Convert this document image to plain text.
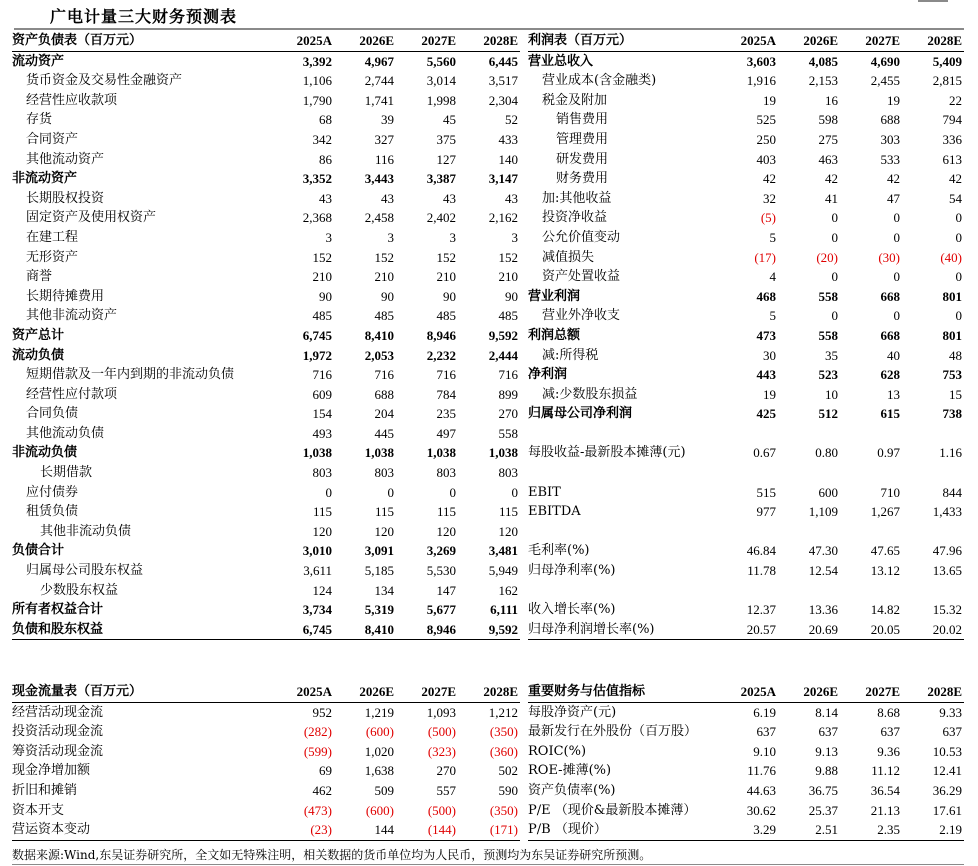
广电计量三大财务预测表
资产负债表（百万元）	2025A	2026E	2027E	2028E
流动资产	3,392	4,967	5,560	6,445
货币资金及交易性金融资产	1,106	2,744	3,014	3,517
经营性应收款项	1,790	1,741	1,998	2,304
存货	68	39	45	52
合同资产	342	327	375	433
其他流动资产	86	116	127	140
非流动资产	3,352	3,443	3,387	3,147
长期股权投资	43	43	43	43
固定资产及使用权资产	2,368	2,458	2,402	2,162
在建工程	3	3	3	3
无形资产	152	152	152	152
商誉	210	210	210	210
长期待摊费用	90	90	90	90
其他非流动资产	485	485	485	485
资产总计	6,745	8,410	8,946	9,592
流动负债	1,972	2,053	2,232	2,444
短期借款及一年内到期的非流动负债	716	716	716	716
经营性应付款项	609	688	784	899
合同负债	154	204	235	270
其他流动负债	493	445	497	558
非流动负债	1,038	1,038	1,038	1,038
长期借款	803	803	803	803
应付债券	0	0	0	0
租赁负债	115	115	115	115
其他非流动负债	120	120	120	120
负债合计	3,010	3,091	3,269	3,481
归属母公司股东权益	3,611	5,185	5,530	5,949
少数股东权益	124	134	147	162
所有者权益合计	3,734	5,319	5,677	6,111
负债和股东权益	6,745	8,410	8,946	9,592
利润表（百万元）	2025A	2026E	2027E	2028E
营业总收入	3,603	4,085	4,690	5,409
营业成本(含金融类)	1,916	2,153	2,455	2,815
税金及附加	19	16	19	22
销售费用	525	598	688	794
管理费用	250	275	303	336
研发费用	403	463	533	613
财务费用	42	42	42	42
加:其他收益	32	41	47	54
投资净收益	(5)	0	0	0
公允价值变动	5	0	0	0
减值损失	(17)	(20)	(30)	(40)
资产处置收益	4	0	0	0
营业利润	468	558	668	801
营业外净收支	5	0	0	0
利润总额	473	558	668	801
减:所得税	30	35	40	48
净利润	443	523	628	753
减:少数股东损益	19	10	13	15
归属母公司净利润	425	512	615	738

每股收益-最新股本摊薄(元)	0.67	0.80	0.97	1.16

EBIT	515	600	710	844
EBITDA	977	1,109	1,267	1,433

毛利率(%)	46.84	47.30	47.65	47.96
归母净利率(%)	11.78	12.54	13.12	13.65

收入增长率(%)	12.37	13.36	14.82	15.32
归母净利润增长率(%)	20.57	20.69	20.05	20.02
现金流量表（百万元）	2025A	2026E	2027E	2028E
经营活动现金流	952	1,219	1,093	1,212
投资活动现金流	(282)	(600)	(500)	(350)
筹资活动现金流	(599)	1,020	(323)	(360)
现金净增加额	69	1,638	270	502
折旧和摊销	462	509	557	590
资本开支	(473)	(600)	(500)	(350)
营运资本变动	(23)	144	(144)	(171)
重要财务与估值指标	2025A	2026E	2027E	2028E
每股净资产(元)	6.19	8.14	8.68	9.33
最新发行在外股份（百万股）	637	637	637	637
ROIC(%)	9.10	9.13	9.36	10.53
ROE-摊薄(%)	11.76	9.88	11.12	12.41
资产负债率(%)	44.63	36.75	36.54	36.29
P/E （现价&最新股本摊薄）	30.62	25.37	21.13	17.61
P/B （现价）	3.29	2.51	2.35	2.19
数据来源:Wind,东吴证券研究所，全文如无特殊注明，相关数据的货币单位均为人民币，预测均为东吴证券研究所预测。
